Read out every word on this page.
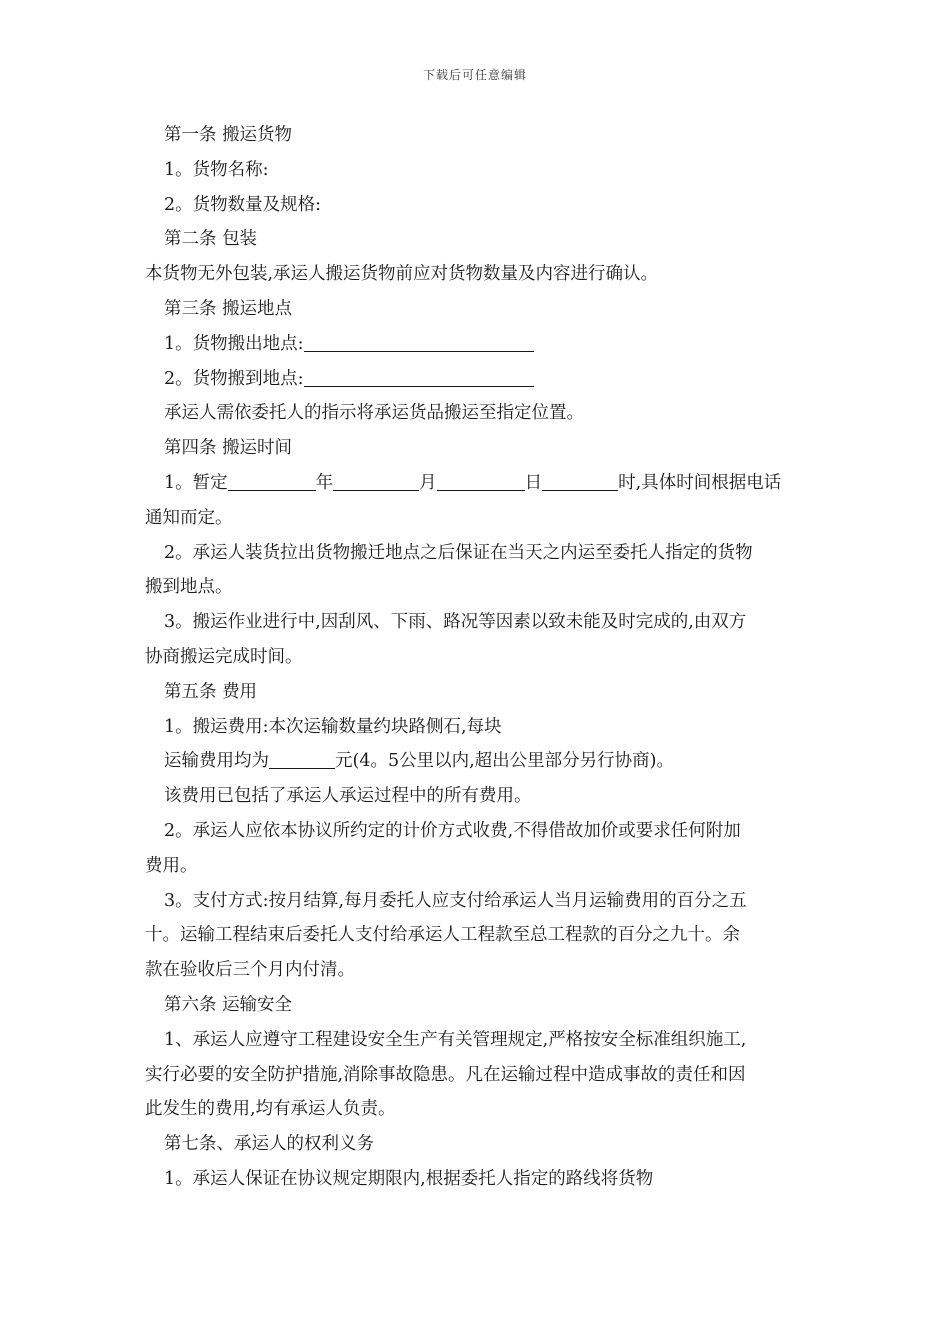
下载后可任意编辑
第一条 搬运货物
1。货物名称:
2。货物数量及规格:
第二条 包装
本货物无外包装,承运人搬运货物前应对货物数量及内容进行确认。
第三条 搬运地点
1。货物搬出地点:
2。货物搬到地点:
承运人需依委托人的指示将承运货品搬运至指定位置。
第四条 搬运时间
1。暂定	年	月	日	时,具体时间根据电话
通知而定。
2。承运人装货拉出货物搬迁地点之后保证在当天之内运至委托人指定的货物
搬到地点。
3。搬运作业进行中,因刮风、下雨、路况等因素以致未能及时完成的,由双方
协商搬运完成时间。
第五条 费用
1。搬运费用:本次运输数量约块路侧石,每块
运输费用均为	元(4。5公里以内,超出公里部分另行协商)。
该费用已包括了承运人承运过程中的所有费用。
2。承运人应依本协议所约定的计价方式收费,不得借故加价或要求任何附加
费用。
3。支付方式:按月结算,每月委托人应支付给承运人当月运输费用的百分之五
十。运输工程结束后委托人支付给承运人工程款至总工程款的百分之九十。余
款在验收后三个月内付清。
第六条 运输安全
1、承运人应遵守工程建设安全生产有关管理规定,严格按安全标准组织施工,
实行必要的安全防护措施,消除事故隐患。凡在运输过程中造成事故的责任和因
此发生的费用,均有承运人负责。
第七条、承运人的权利义务
1。承运人保证在协议规定期限内,根据委托人指定的路线将货物
